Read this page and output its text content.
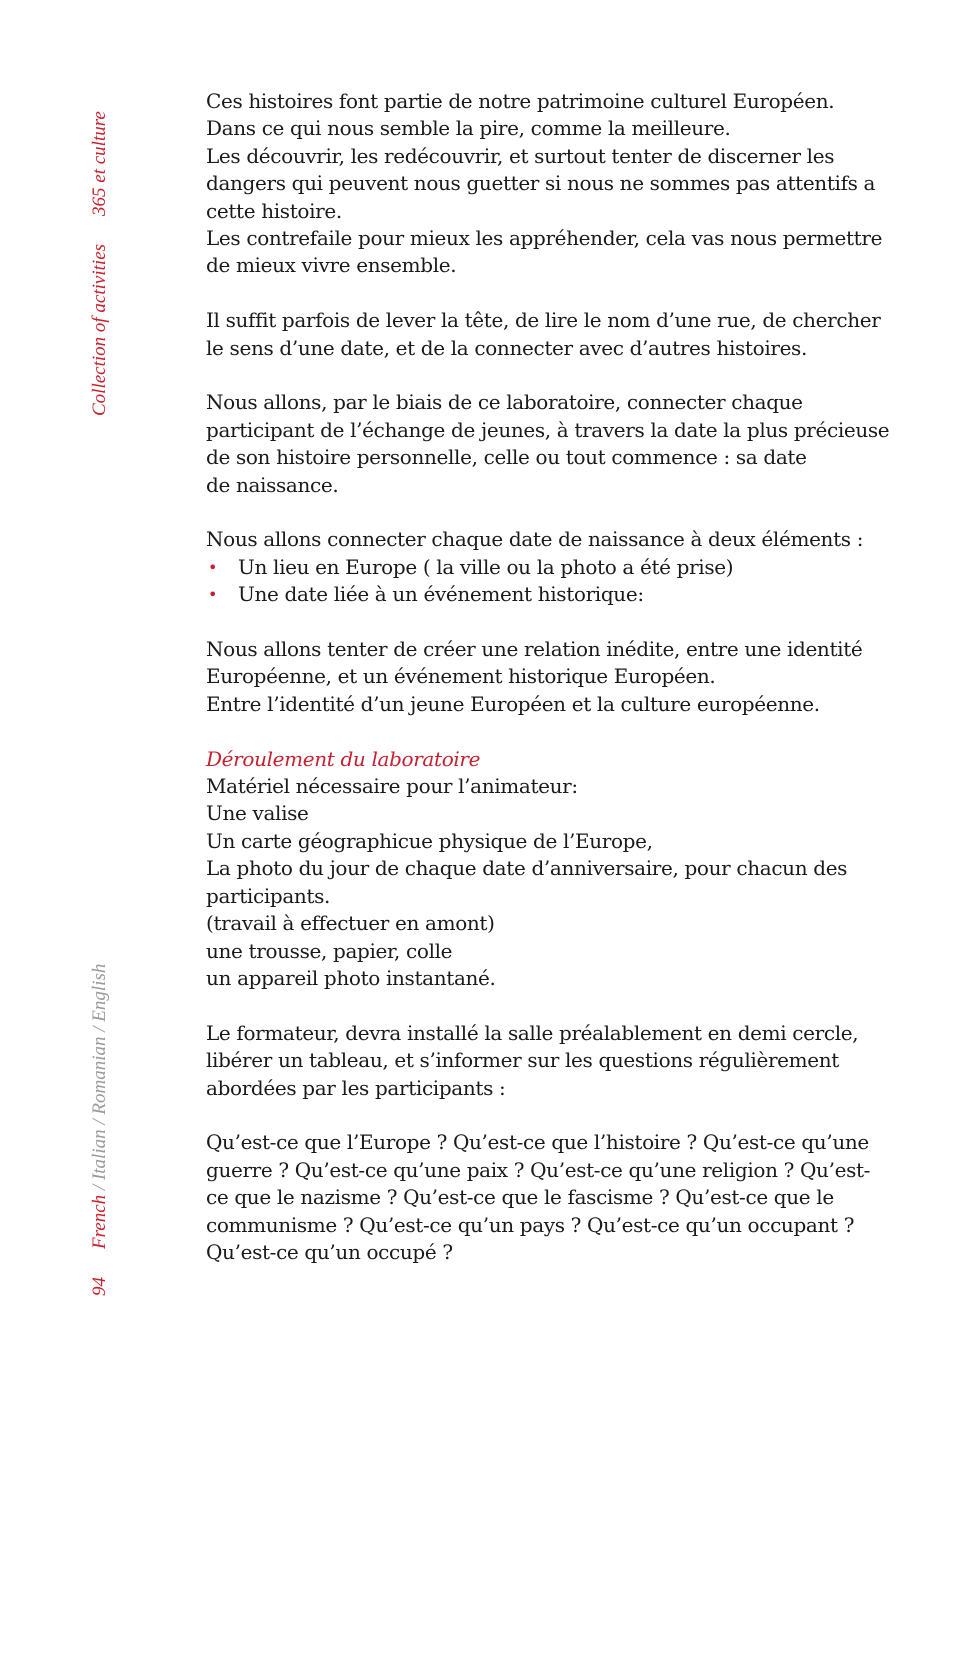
Collection of activities365 et culture
94French / Italian / Romanian / English

Ces histoires font partie de notre patrimoine culturel Européen.

Dans ce qui nous semble la pire, comme la meilleure.

Les découvrir, les redécouvrir, et surtout tenter de discerner les

dangers qui peuvent nous guetter si nous ne sommes pas attentifs a

cette histoire.

Les contrefaile pour mieux les appréhender, cela vas nous permettre

de mieux vivre ensemble.

Il suffit parfois de lever la tête, de lire le nom d’une rue, de chercher

le sens d’une date, et de la connecter avec d’autres histoires.

Nous allons, par le biais de ce laboratoire, connecter chaque

participant de l’échange de jeunes, à travers la date la plus précieuse

de son histoire personnelle, celle ou tout commence : sa date

de naissance.

Nous allons connecter chaque date de naissance à deux éléments :

• Un lieu en Europe ( la ville ou la photo a été prise)
• Une date liée à un événement historique:

Nous allons tenter de créer une relation inédite, entre une identité

Européenne, et un événement historique Européen.

Entre l’identité d’un jeune Européen et la culture européenne.

Déroulement du laboratoire

Matériel nécessaire pour l’animateur:

Une valise

Un carte géographicue physique de l’Europe,

La photo du jour de chaque date d’anniversaire, pour chacun des

participants.

(travail à effectuer en amont)

une trousse, papier, colle

un appareil photo instantané.

Le formateur, devra installé la salle préalablement en demi cercle,

libérer un tableau, et s’informer sur les questions régulièrement

abordées par les participants :

Qu’est-ce que l’Europe ? Qu’est-ce que l’histoire ? Qu’est-ce qu’une

guerre ? Qu’est-ce qu’une paix ? Qu’est-ce qu’une religion ? Qu’est-

ce que le nazisme ? Qu’est-ce que le fascisme ? Qu’est-ce que le

communisme ? Qu’est-ce qu’un pays ? Qu’est-ce qu’un occupant ?

Qu’est-ce qu’un occupé ?
